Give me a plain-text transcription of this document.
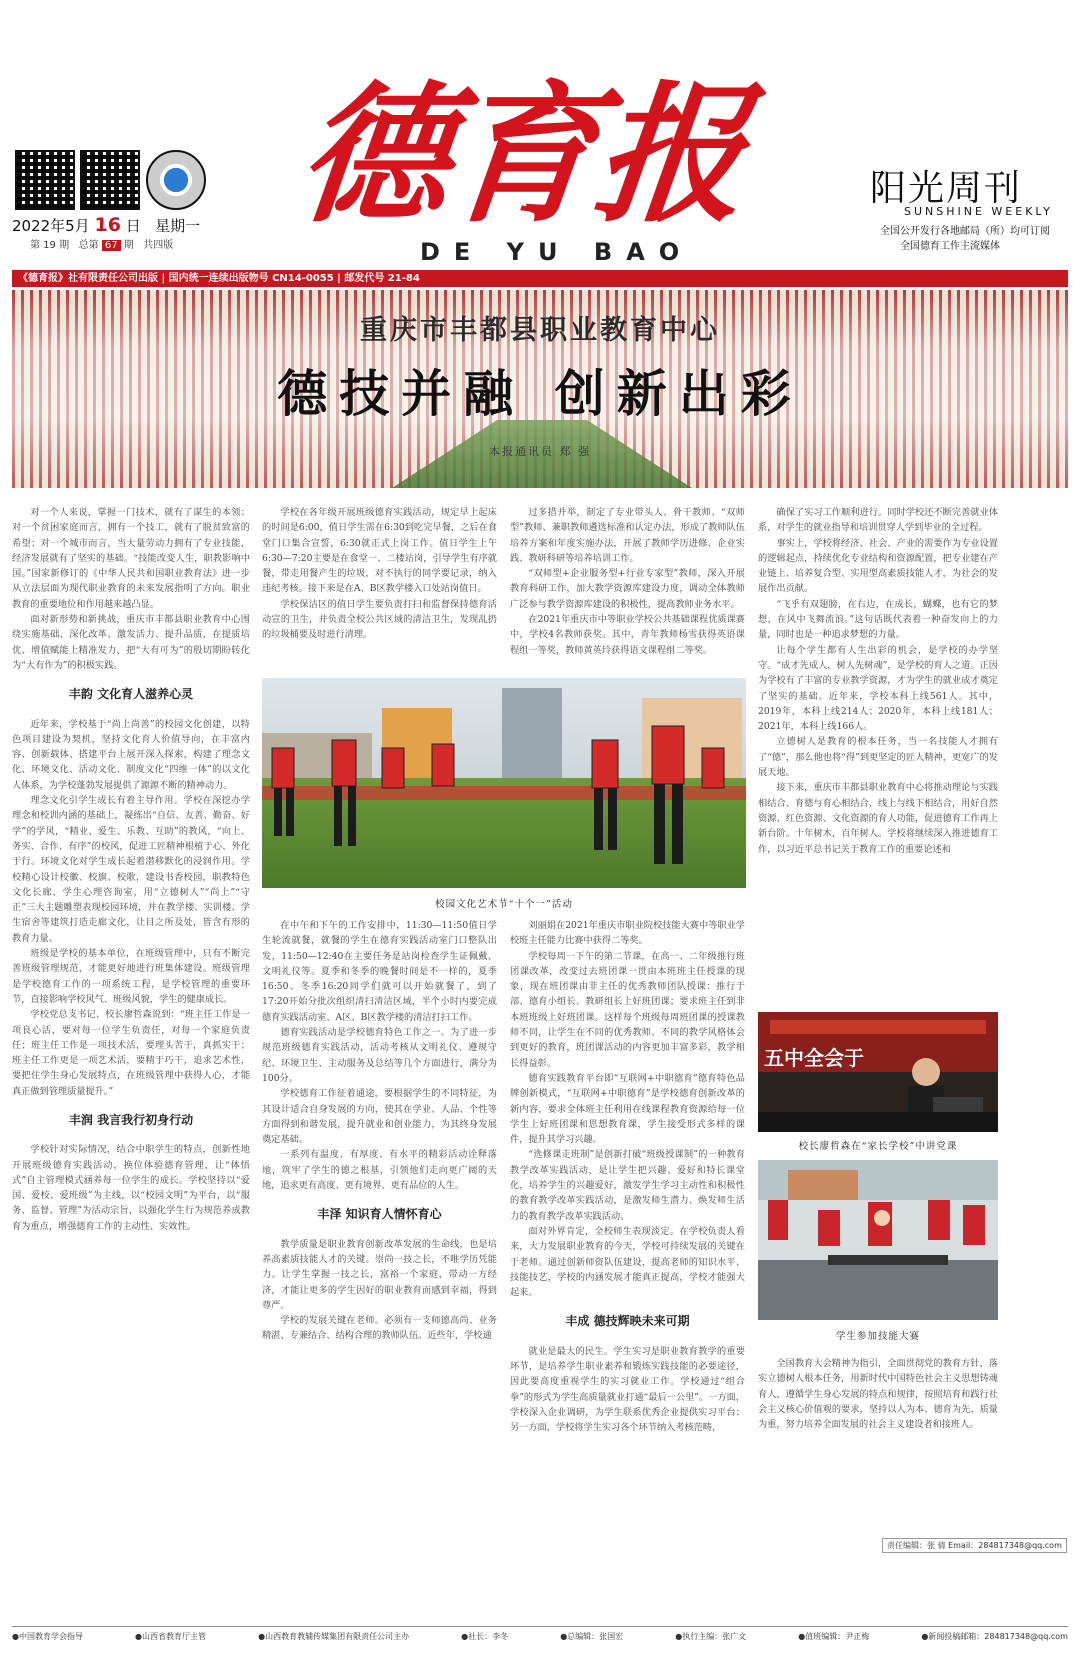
2022年5月 16 日 星期一
第 19 期 总第 67 期 共四版
德育报
DE YU BAO
阳光周刊
SUNSHINE WEEKLY
全国公开发行各地邮局（所）均可订阅
全国德育工作主流媒体
《德育报》社有限责任公司出版 | 国内统一连续出版物号 CN14-0055 | 邮发代号 21-84
重庆市丰都县职业教育中心
德技并融 创新出彩
本报通讯员 郑 强

对一个人来说，掌握一门技术，就有了谋生的本领；对一个贫困家庭而言，拥有一个技工，就有了脱贫致富的希望；对一个城市而言，当大量劳动力拥有了专业技能，经济发展就有了坚实的基础。“技能改变人生，职教影响中国。”国家新修订的《中华人民共和国职业教育法》进一步从立法层面为现代职业教育的未来发展指明了方向。职业教育的重要地位和作用越来越凸显。

面对新形势和新挑战，重庆市丰都县职业教育中心围绕实施基础、深化改革、激发活力、提升品质，在提质培优、增值赋能上精准发力，把“大有可为”的殷切期盼转化为“大有作为”的积极实践。

丰韵 文化育人滋养心灵

近年来，学校基于“尚上尚善”的校园文化创建，以特色项目建设为契机，坚持文化育人价值导向，在丰富内容、创新载体、搭建平台上展开深入探索，构建了理念文化、环境文化、活动文化、制度文化“四维一体”的以文化人体系，为学校蓬勃发展提供了源源不断的精神动力。

理念文化引学生成长有着主导作用。学校在深挖办学理念和校训内涵的基础上，凝练出“自信、友善、勤奋、好学”的学风，“精业、爱生、乐教、互助”的教风，“向上、务实、合作、有序”的校风，促进工匠精神根植于心、外化于行。环境文化对学生成长起着潜移默化的浸润作用。学校精心设计校徽、校旗、校歌，建设书香校园，职教特色文化长廊、学生心理咨询室，用“立德树人”“尚上”“守正”三大主题雕塑表现校园环境，并在教学楼、实训楼、学生宿舍等建筑打造走廊文化，让目之所及处，皆含有形的教育力量。

班级是学校的基本单位，在班级管理中，只有不断完善班级管理规范，才能更好地进行班集体建设。班级管理是学校德育工作的一项系统工程，是学校管理的重要环节，直接影响学校风气、班级风貌，学生的健康成长。

学校党总支书记、校长廖哲森说到：“班主任工作是一项良心活，要对每一位学生负责任，对每一个家庭负责任；班主任工作是一项技术活，要理头苦干，真抓实干；班主任工作更是一项艺术活，要精于巧干，追求艺术性，要把住学生身心发展特点，在班级管理中获得人心，才能真正做到管理质量提升。”

丰润 我言我行初身行动

学校针对实际情况，结合中职学生的特点，创新性地开展班级德育实践活动，换位体验德育管理，让“体悟式”自主管理模式涵养每一位学生的成长。学校坚持以“爱国、爱校、爱班级”为主线，以“校园文明”为平台，以“服务、监督、管理”为活动宗旨，以强化学生行为规范养成教育为重点，增强德育工作的主动性、实效性。

学校在各年级开展班级德育实践活动，规定早上起床的时间是6:00，值日学生需在6:30到吃完早餐，之后在食堂门口集合宣誓，6:30就正式上岗工作。值日学生上午6:30—7:20主要是在食堂一、二楼站岗，引导学生有序就餐，带走用餐产生的垃圾，对不执行的同学要记录，纳入违纪考核。接下来是在A、B区教学楼入口处站岗值日。

学校保洁区的值日学生要负责打扫和监督保持德育活动宣的卫生，并负责全校公共区域的清洁卫生，发现乱扔的垃圾桶要及时进行清理。

校园文化艺术节“十个一”活动

在中午和下午的工作安排中，11:30—11:50值日学生轮流就餐，就餐的学生在德育实践活动室门口整队出发，11:50—12:40在主要任务是站岗检查学生证佩戴、文明礼仪等。夏季和冬季的晚餐时间是不一样的，夏季16:50、冬季16:20同学们就可以开始就餐了，到了17:20开始分批次组织清扫清洁区域，半个小时内要完成德育实践活动室、A区、B区教学楼的清洁打扫工作。

德育实践活动是学校德育特色工作之一。为了进一步规范班级德育实践活动，活动考核从文明礼仪、遵规守纪、环境卫生、主动服务及总结等几个方面进行，满分为100分。

学校德育工作征着通途，要根据学生的不同特征，为其设计适合自身发展的方向，使其在学业、人品、个性等方面得到和谐发展，提升就业和创业能力，为其终身发展奠定基础。

一系列有温度、有厚度、有水平的精彩活动诠释落地，筑牢了学生的德之根基，引领他们走向更广阔的天地，追求更有高度、更有境界、更有品位的人生。

丰泽 知识育人情怀育心

教学质量是职业教育创新改革发展的生命线，也是培养高素质技能人才的关键。崇尚一技之长，不唯学历凭能力。让学生掌握一技之长，富裕一个家庭，带动一方经济，才能让更多的学生因好的职业教育而感到幸福，得到尊严。

学校的发展关键在老师。必须有一支师德高尚、业务精湛、专兼结合、结构合理的教师队伍。近些年，学校通

过多措并举，制定了专业带头人、骨干教师、“双师型”教师、兼职教师遴选标准和认定办法，形成了教师队伍培养方案和年度实施办法，开展了教师学历进修、企业实践、教研科研等培养培训工作。

“双师型+企业服务型+行业专家型”教师，深入开展教育科研工作，加大教学资源库建设力度，调动全体教师广泛参与教学资源库建设的积极性，提高教师业务水平。

在2021年重庆市中等职业学校公共基础课程优质课赛中，学校4名教师获奖。其中，青年教师杨雪获得英语课程组一等奖，教师黄英玲获得语文课程组二等奖。

刘丽娟在2021年重庆市职业院校技能大赛中等职业学校班主任能力比赛中获得二等奖。

学校每周一下午的第二节课，在高一、二年级推行班团课改革，改变过去班团课一贯由本班班主任授课的现象，现在班团课由非主任的优秀教师团队授课：推行于部、德育小组长、教研组长上好班团课；要求班主任到非本班班级上好班团课。这样每个班级每周班团课的授课教师不同，让学生在不同的优秀教师、不同的教学风格体会到更好的教育，班团课活动的内容更加丰富多彩，教学相长得益彰。

德育实践教育平台即“互联网+中职德育”德育特色品牌创新模式，“互联网+中职德育”是学校德育创新改革的新内容，要求全体班主任利用在线课程教育资源给每一位学生上好班团课和思想教育课，学生接受形式多样的课件，提升其学习兴趣。

“选修课走班制”是创新打破“班级授课制”的一种教育教学改革实践活动，是让学生把兴趣、爱好和特长课堂化，培养学生的兴趣爱好，激发学生学习主动性和积极性的教育教学改革实践活动，是激发师生潜力、焕发师生活力的教育教学改革实践活动。

面对外界肯定，全校师生表现淡定。在学校负责人看来，大力发展职业教育的今天，学校可持续发展的关键在于老师。通过创新师资队伍建设，提高老师的知识水平、技能技艺，学校的内涵发展才能真正提高，学校才能强大起来。

丰成 德技辉映未来可期

就业是最大的民生。学生实习是职业教育教学的重要环节，是培养学生职业素养和锻炼实践技能的必要途径，因此要高度重视学生的实习就业工作。学校通过“组合拳”的形式为学生高质量就业打通“最后一公里”。一方面，学校深入企业调研，为学生联系优秀企业提供实习平台；另一方面，学校将学生实习各个环节纳入考核范畴，

确保了实习工作顺利进行。同时学校还不断完善就业体系，对学生的就业指导和培训贯穿人学到毕业的全过程。

事实上，学校将经济、社会、产业的需要作为专业设置的逻辑起点，持续优化专业结构和资源配置，把专业建在产业链上、培养复合型、实用型高素质技能人才，为社会的发展作出贡献。

“飞乎有双翅膀，在右边，在成长，蝴蝶，也有它的梦想，在风中飞舞流浪。”这句话既代表着一种奋发向上的力量，同时也是一种追求梦想的力量。

让每个学生都有人生出彩的机会，是学校的办学坚守。“成才先成人，树人先树魂”，是学校的育人之道。正因为学校有了丰富的专业教学资源，才为学生的就业成才奠定了坚实的基础。近年来，学校本科上线561人。其中，2019年，本科上线214人；2020年，本科上线181人；2021年，本科上线166人。

立德树人是教育的根本任务，当一名技能人才拥有了“德”，那么他也将“得”到更坚定的匠人精神，更宽广的发展天地。

接下来，重庆市丰都县职业教育中心将推动理论与实践相结合、育德与育心相结合、线上与线下相结合，用好自然资源、红色资源、文化资源的育人功能，促进德育工作再上新台阶。十年树木，百年树人。学校将继续深入推进德育工作，以习近平总书记关于教育工作的重要论述和

五中全会于
校长廖哲森在“家长学校”中讲党课
学生参加技能大赛

全国教育大会精神为指引，全面贯彻党的教育方针，落实立德树人根本任务，用新时代中国特色社会主义思想铸魂育人，遵循学生身心发展的特点和规律，按照培育和践行社会主义核心价值观的要求，坚持以人为本、德育为先、质量为重，努力培养全面发展的社会主义建设者和接班人。

责任编辑：张 倩 Email：284817348@qq.com
●中国教育学会指导	●山西省教育厅主管	●山西教育教辅传媒集团有限责任公司主办	●社长：李冬	●总编辑：张国宏	●执行主编：张广文	●值班编辑：尹正梅	●新闻投稿邮箱：284817348@qq.com
